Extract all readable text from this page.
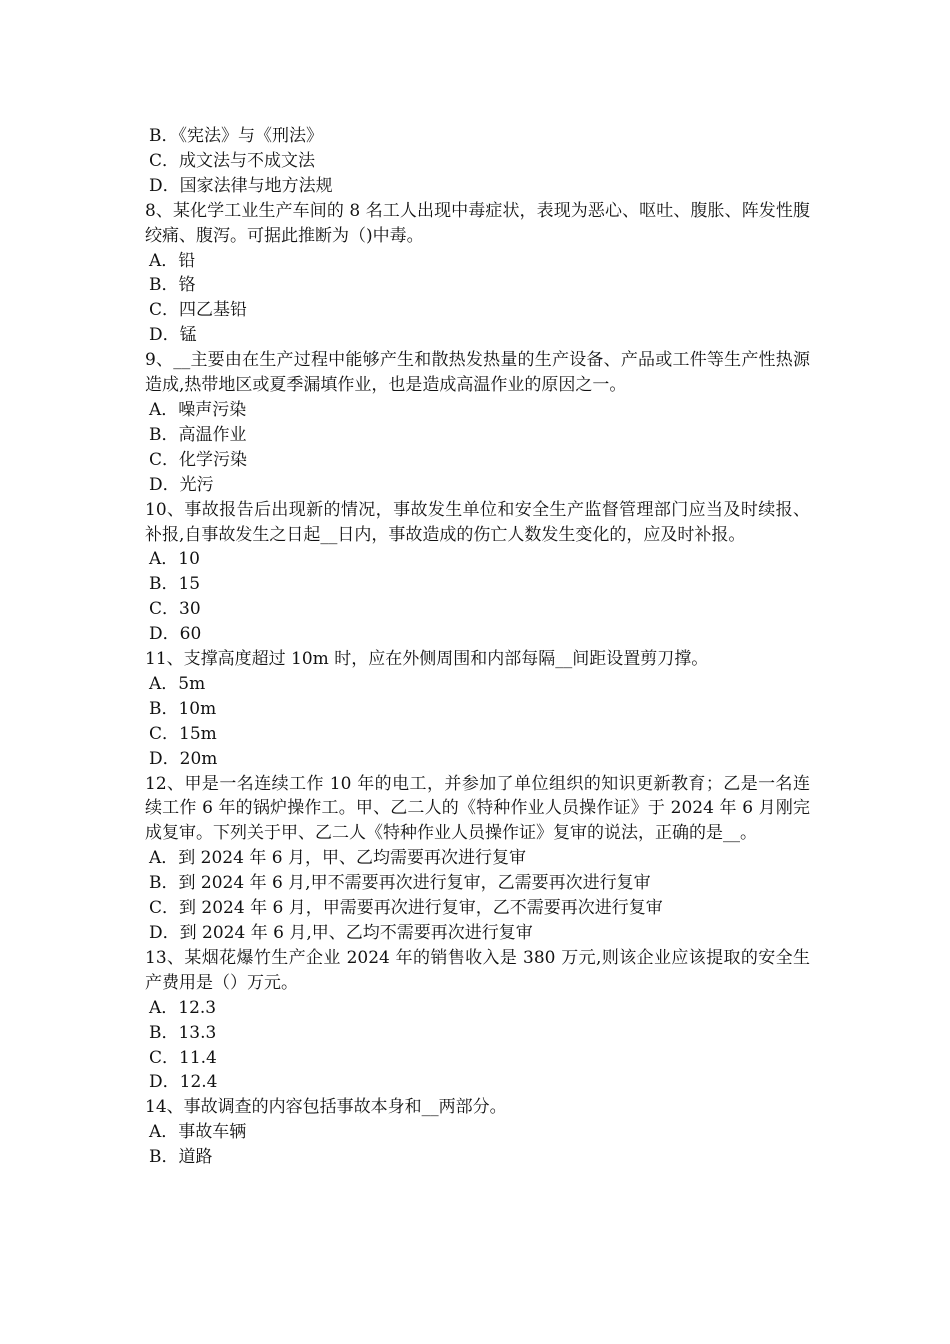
B．《宪法》与《刑法》

C．成文法与不成文法

D．国家法律与地方法规

8、某化学工业生产车间的 8 名工人出现中毒症状，表现为恶心、呕吐、腹胀、阵发性腹绞痛、腹泻。可据此推断为（)中毒。

A．铅

B．铬

C．四乙基铅

D．锰

9、__主要由在生产过程中能够产生和散热发热量的生产设备、产品或工件等生产性热源造成,热带地区或夏季漏填作业，也是造成高温作业的原因之一。

A．噪声污染

B．高温作业

C．化学污染

D．光污

10、事故报告后出现新的情况，事故发生单位和安全生产监督管理部门应当及时续报、补报,自事故发生之日起__日内，事故造成的伤亡人数发生变化的，应及时补报。

A．10

B．15

C．30

D．60

11、支撑高度超过 10m 时，应在外侧周围和内部每隔__间距设置剪刀撑。

A．5m

B．10m

C．15m

D．20m

12、甲是一名连续工作 10 年的电工，并参加了单位组织的知识更新教育；乙是一名连续工作 6 年的锅炉操作工。甲、乙二人的《特种作业人员操作证》于 2024 年 6 月刚完成复审。下列关于甲、乙二人《特种作业人员操作证》复审的说法，正确的是__。

A．到 2024 年 6 月，甲、乙均需要再次进行复审

B．到 2024 年 6 月,甲不需要再次进行复审，乙需要再次进行复审

C．到 2024 年 6 月，甲需要再次进行复审，乙不需要再次进行复审

D．到 2024 年 6 月,甲、乙均不需要再次进行复审

13、某烟花爆竹生产企业 2024 年的销售收入是 380 万元,则该企业应该提取的安全生产费用是（）万元。

A．12.3

B．13.3

C．11.4

D．12.4

14、事故调查的内容包括事故本身和__两部分。

A．事故车辆

B．道路
